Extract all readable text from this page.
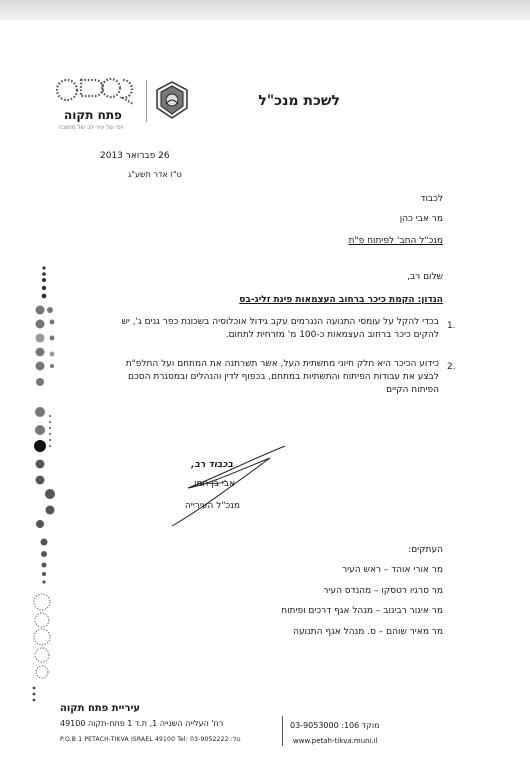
לשכת מנכ"ל
פתח תקוה
יופי של עיר לב של מושבה
26 פברואר 2013
ט"ז אדר תשע"ג
לכבוד
מר אבי כהן
מנכ"ל החב' לפיתוח פ"ת
שלום רב,
הנדון: הקמת כיכר ברחוב העצמאות פינת זליג-בס
1.
בכדי להקל על עומסי התנועה הנגרמים עקב גידול אוכלוסיה בשכונת כפר גנים ג', יש
להקים כיכר ברחוב העצמאות כ-100 מ' מזרחית לתחום.
2.
כידוע הכיכר היא חלק חיוני מתשתית העל, אשר תשרתנה את המתחם ועל החלפ"ת
לבצע את עבודות הפיתוח והתשתיות במתחם, בכפוף לדין והנהלים ובמסגרת הסכם
הפיתוח הקיים
בכבוד רב,
אבי בן חמו
מנכ"ל העירייה
העתקים:
מר אורי אוהד – ראש העיר
מר סרגיו רטסקו – מהנדס העיר
מר איגור רבינוב – מנהל אגף דרכים ופיתוח
מר מאיר שוהם – ס. מנהל אגף התנועה
עיריית פתח תקוה
רח' העלייה השנייה 1, ת.ד 1 פתח-תקוה 49100
P.O.B 1 PETACH-TIKVA ISRAEL 49100 Tel: 03-9052222 :טל
מוקד 106: 03-9053000
www.petah-tikva.muni.il
